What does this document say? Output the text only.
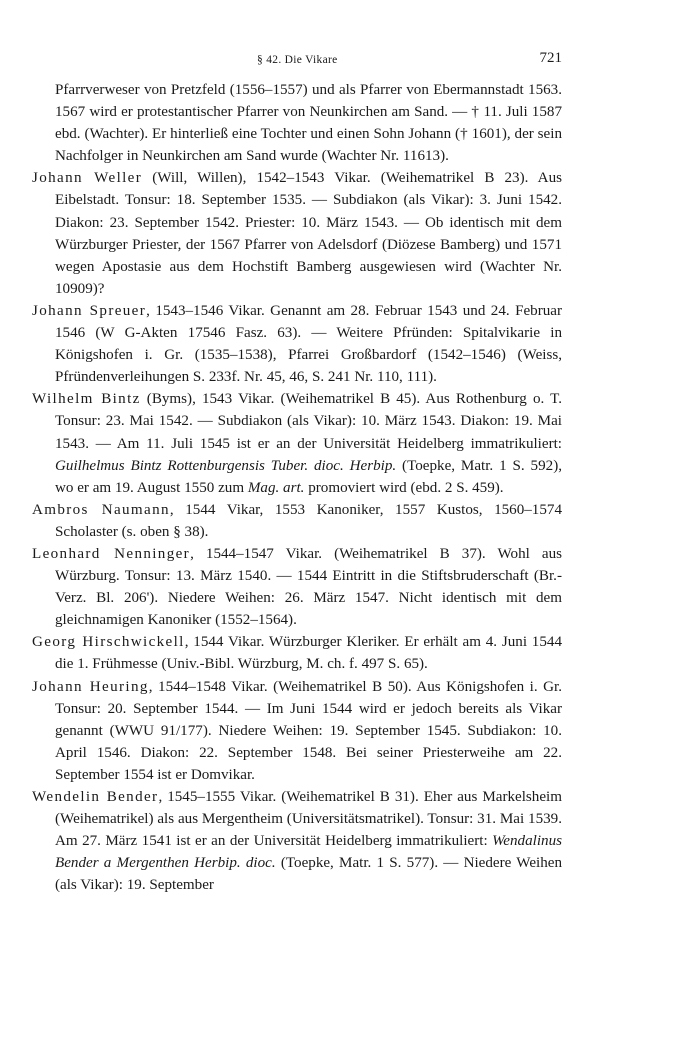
§ 42. Die Vikare	721

Pfarrverweser von Pretzfeld (1556–1557) und als Pfarrer von Ebermannstadt 1563. 1567 wird er protestantischer Pfarrer von Neunkirchen am Sand. — † 11. Juli 1587 ebd. (Wachter). Er hinterließ eine Tochter und einen Sohn Johann († 1601), der sein Nachfolger in Neunkirchen am Sand wurde (Wachter Nr. 11613).

Johann Weller (Will, Willen), 1542–1543 Vikar. (Weihematrikel B 23). Aus Eibelstadt. Tonsur: 18. September 1535. — Subdiakon (als Vikar): 3. Juni 1542. Diakon: 23. September 1542. Priester: 10. März 1543. — Ob identisch mit dem Würzburger Priester, der 1567 Pfarrer von Adelsdorf (Diözese Bamberg) und 1571 wegen Apostasie aus dem Hochstift Bamberg ausgewiesen wird (Wachter Nr. 10909)?

Johann Spreuer, 1543–1546 Vikar. Genannt am 28. Februar 1543 und 24. Februar 1546 (W G-Akten 17546 Fasz. 63). — Weitere Pfründen: Spitalvikarie in Königshofen i. Gr. (1535–1538), Pfarrei Großbardorf (1542–1546) (Weiss, Pfründenverleihungen S. 233f. Nr. 45, 46, S. 241 Nr. 110, 111).

Wilhelm Bintz (Byms), 1543 Vikar. (Weihematrikel B 45). Aus Rothenburg o. T. Tonsur: 23. Mai 1542. — Subdiakon (als Vikar): 10. März 1543. Diakon: 19. Mai 1543. — Am 11. Juli 1545 ist er an der Universität Heidelberg immatrikuliert: Guilhelmus Bintz Rottenburgensis Tuber. dioc. Herbip. (Toepke, Matr. 1 S. 592), wo er am 19. August 1550 zum Mag. art. promoviert wird (ebd. 2 S. 459).

Ambros Naumann, 1544 Vikar, 1553 Kanoniker, 1557 Kustos, 1560–1574 Scholaster (s. oben § 38).

Leonhard Nenninger, 1544–1547 Vikar. (Weihematrikel B 37). Wohl aus Würzburg. Tonsur: 13. März 1540. — 1544 Eintritt in die Stiftsbruderschaft (Br.-Verz. Bl. 206'). Niedere Weihen: 26. März 1547. Nicht identisch mit dem gleichnamigen Kanoniker (1552–1564).

Georg Hirschwickell, 1544 Vikar. Würzburger Kleriker. Er erhält am 4. Juni 1544 die 1. Frühmesse (Univ.-Bibl. Würzburg, M. ch. f. 497 S. 65).

Johann Heuring, 1544–1548 Vikar. (Weihematrikel B 50). Aus Königshofen i. Gr. Tonsur: 20. September 1544. — Im Juni 1544 wird er jedoch bereits als Vikar genannt (WWU 91/177). Niedere Weihen: 19. September 1545. Subdiakon: 10. April 1546. Diakon: 22. September 1548. Bei seiner Priesterweihe am 22. September 1554 ist er Domvikar.

Wendelin Bender, 1545–1555 Vikar. (Weihematrikel B 31). Eher aus Markelsheim (Weihematrikel) als aus Mergentheim (Universitätsmatrikel). Tonsur: 31. Mai 1539. Am 27. März 1541 ist er an der Universität Heidelberg immatrikuliert: Wendalinus Bender a Mergenthen Herbip. dioc. (Toepke, Matr. 1 S. 577). — Niedere Weihen (als Vikar): 19. September
